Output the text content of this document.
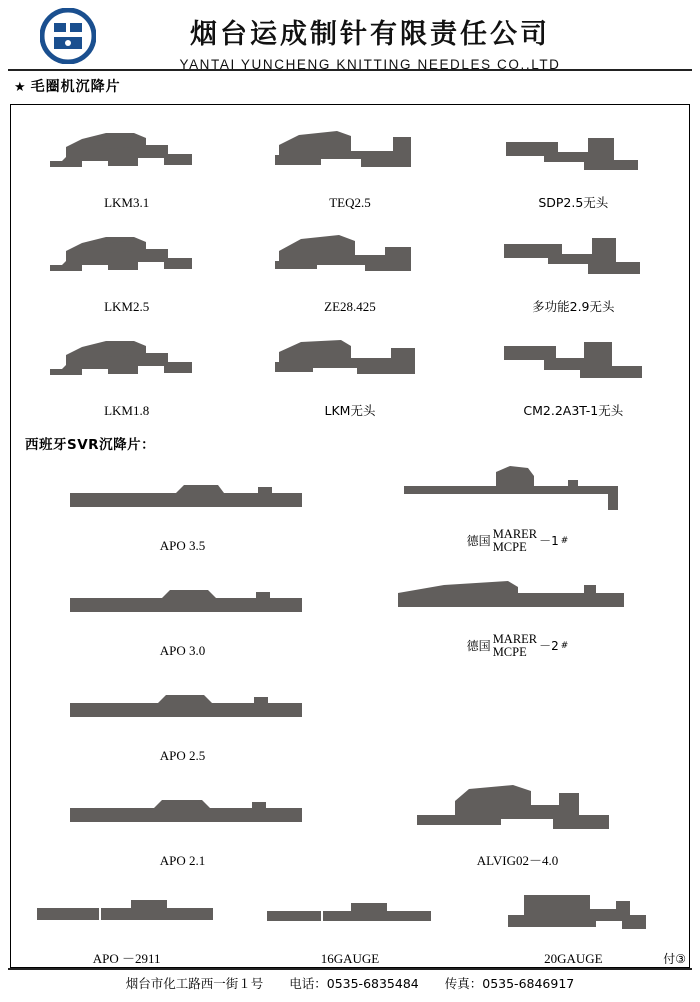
烟台运成制针有限责任公司
YANTAI YUNCHENG KNITTING NEEDLES CO.,LTD
★ 毛圈机沉降片
LKM3.1	TEQ2.5	SDP2.5无头
LKM2.5	ZE28.425	多功能2.9无头
LKM1.8	LKM无头	CM2.2A3T-1无头
西班牙SVR沉降片：
APO 3.5	德国
MARER
MCPE	－1 #
APO 3.0	德国
MARER
MCPE	－2 #
APO 2.5
APO 2.1	ALVIG02－4.0
APO －2911	16GAUGE	20GAUGE	付③
烟台市化工路西一街１号 电话：0535-6835484 传真：0535-6846917
